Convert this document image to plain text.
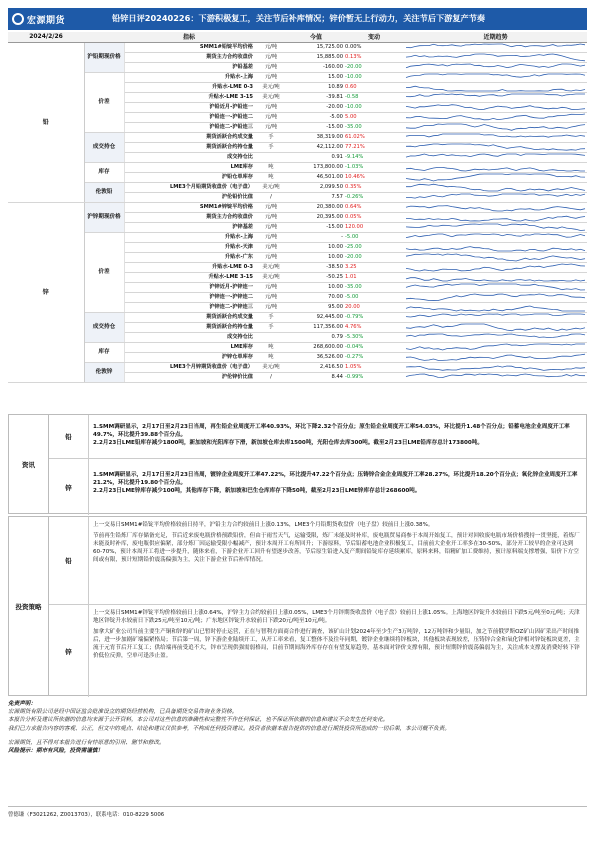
宏源期货	铅锌日评20240226：下游积极复工，关注节后补库情况；锌价暂无上行动力，关注节后下游复产节奏
2024/2/26		指标		今值	变动	近期趋势
铅	沪铅期现价格	SMM1#铅锭平均价格	元/吨	15,725.00	0.00%	

		期货主力合约收盘价	元/吨	15,885.00	0.13%	

		沪铅基差	元/吨	-160.00	-20.00	

	价差	升贴水-上海	元/吨	15.00	-10.00	

		升贴水-LME 0-3	美元/吨	10.89	0.60	

		升贴水-LME 3-15	美元/吨	-39.81	-0.58	

		沪铅近月-沪铅连一	元/吨	-20.00	-10.00	

		沪铅连一-沪铅连二	元/吨	-5.00	5.00	

		沪铅连二-沪铅连三	元/吨	-15.00	-35.00	

	成交持仓	期货活跃合约成交量	手	38,319.00	61.02%	

		期货活跃合约持仓量	手	42,112.00	77.21%	

		成交持仓比		0.91	-9.14%	

	库存	LME库存	吨	173,800.00	-1.03%	

		沪铅仓单库存	吨	46,501.00	10.46%	

	伦敦铅	LME3个月铅期货收盘价（电子盘）	美元/吨	2,099.50	0.35%	

		沪伦铅价比值	/	7.57	-0.26%	

锌	沪锌期现价格	SMM1#锌锭平均价格	元/吨	20,380.00	0.64%	

		期货主力合约收盘价	元/吨	20,395.00	0.05%	

		沪锌基差	元/吨	-15.00	120.00	

	价差	升贴水-上海	元/吨	-	-5.00	

		升贴水-天津	元/吨	10.00	-25.00	

		升贴水-广东	元/吨	10.00	-20.00	

		升贴水-LME 0-3	美元/吨	-38.50	3.25	

		升贴水-LME 3-15	美元/吨	-50.25	1.01	

		沪锌近月-沪锌连一	元/吨	10.00	-35.00	

		沪锌连一-沪锌连二	元/吨	70.00	-5.00	

		沪锌连二-沪锌连三	元/吨	95.00	20.00	

	成交持仓	期货活跃合约成交量	手	92,445.00	-0.79%	

		期货活跃合约持仓量	手	117,356.00	4.76%	

		成交持仓比		0.79	-5.30%	

	库存	LME库存	吨	268,600.00	-0.04%	

		沪锌仓单库存	吨	36,526.00	-0.27%	

	伦敦锌	LME3个月锌期货收盘价（电子盘）	美元/吨	2,416.50	1.05%	

		沪伦锌价比值	/	8.44	-0.99%	
资讯
铅

1.SMM调研显示，2月17日至2月23日当周，再生铅企业周度开工率40.93%，环比下降2.32个百分点；原生铅企业周度开工率54.03%，环比提升1.48个百分点；铅蓄电池企业周度开工率49.7%，环比提升39.88个百分点。

2.2月23日LME铅库存减少1800吨，新加坡和光阳库存下滑，新加坡仓库去库1500吨，光阳仓库去库300吨。截至2月23日LME铅库存总计173800吨。

锌

1.SMM调研显示，2月17日至2月23日当周，镀锌企业周度开工率47.22%，环比提升47.22个百分点；压铸锌合金企业周度开工率28.27%，环比提升18.20个百分点；氧化锌企业周度开工率21.2%，环比提升19.80个百分点。

2.2月23日LME锌库存减少100吨，其他库存下降，新加坡和巴生仓库库存下降50吨，截至2月23日LME锌库存总计268600吨。

投资策略
铅

上一交易日SMM1#铅锭平均价格较前日持平，沪铅主力合约较前日上涨0.13%，LME3个月铅期货收盘价（电子盘）较前日上涨0.38%。

节前再生铅炼厂库存储备充足，节后近来废电瓶价格预跌铅价，但由于雨雪天气，运输受限，炼厂未能及时补库，废电瓶贸易商参于本周开始复工，预计对回收废电瓶市场价格搜持一贯坚挺，着炼厂未能及时补库，废电瓶供应偏紧，部分炼厂因运输受限小幅减产，预计本周开工有所回升；下游原料，节后铅蓄电池企业积极复工，目前前大企业开工率多在30-50%，部分开工较早的企业可达到60-70%，预计本周开工将进一步提升，随体来看，下游企业开工回升有望逐步改善，节后原生铅进入复产期间铅锭库存延续累库，原料来料，铅精矿加工费维持，预计原料端支撑增强，铅价下方空间或有限，预计短期铅价震荡偏强为主，关注下游企业节后补库情况。

锌

上一交易日SMM1#锌锭平均价格较前日上涨0.64%，沪锌主力合约较前日上涨0.05%，LME3个月锌期货收盘价（电子盘）较前日上涨1.05%。上海地区锌锭升水较前日下跌5元/吨至0元/吨；天津地区锌锭升水较前日下跌25元/吨至10元/吨；广东地区锌锭升水较前日下跌20元/吨至10元/吨。

加拿大矿业公司当前主要生产铜和锌的矿山已暂时停止运营，正在与智利方面商合作进行调查，该矿山计划2024年至少生产3万吨锌，12万吨锌和少量铅，加之节前俄罗斯OZ矿山因矿采出产时间推后，进一步加剧矿端偏紧格局；节后第一周，锌下游企业陆续开工，从开工率来看，复工整体不及往年同期，镀锌企业继续将锌板块，其他板块表现较差，压铸锌合金和氧化锌相对锌锭板块更差，主流于元宵节后开工复工；供给端再前受追不大，锌市呈现供强需弱格局，目前节期间海外库存存在有望复原趋势，基本面对锌价支撑有限，预计短期锌价震荡偏弱为主，关注成本支撑及消费好转下锌价低位反弹，空单可逢涉止盈。

免责声明：

宏源期货有限公司是经中国证监会批准设立的期货经营机构，已具备期货交易咨询业务资格。

本报告分析及建议所依据的信息均来源于公开资料，本公司对这些信息的准确性和完整性不作任何保证，也不保证所依据的信息和建议不会发生任何变化。

我们已力求报告内容的客观、公正，但文中的观点、结论和建议仅供参考，不构成任何投资建议。投资者依据本报告提供的信息进行期货投资所造成的一切后果，本公司概不负责。

宏源期货，且不得对本报告进行有悖原意的引用、删节和修改。

风险提示：期市有风险，投资需谨慎！

曾德谦（F3021262, Z0013703），联系电话：010-8229 5006
